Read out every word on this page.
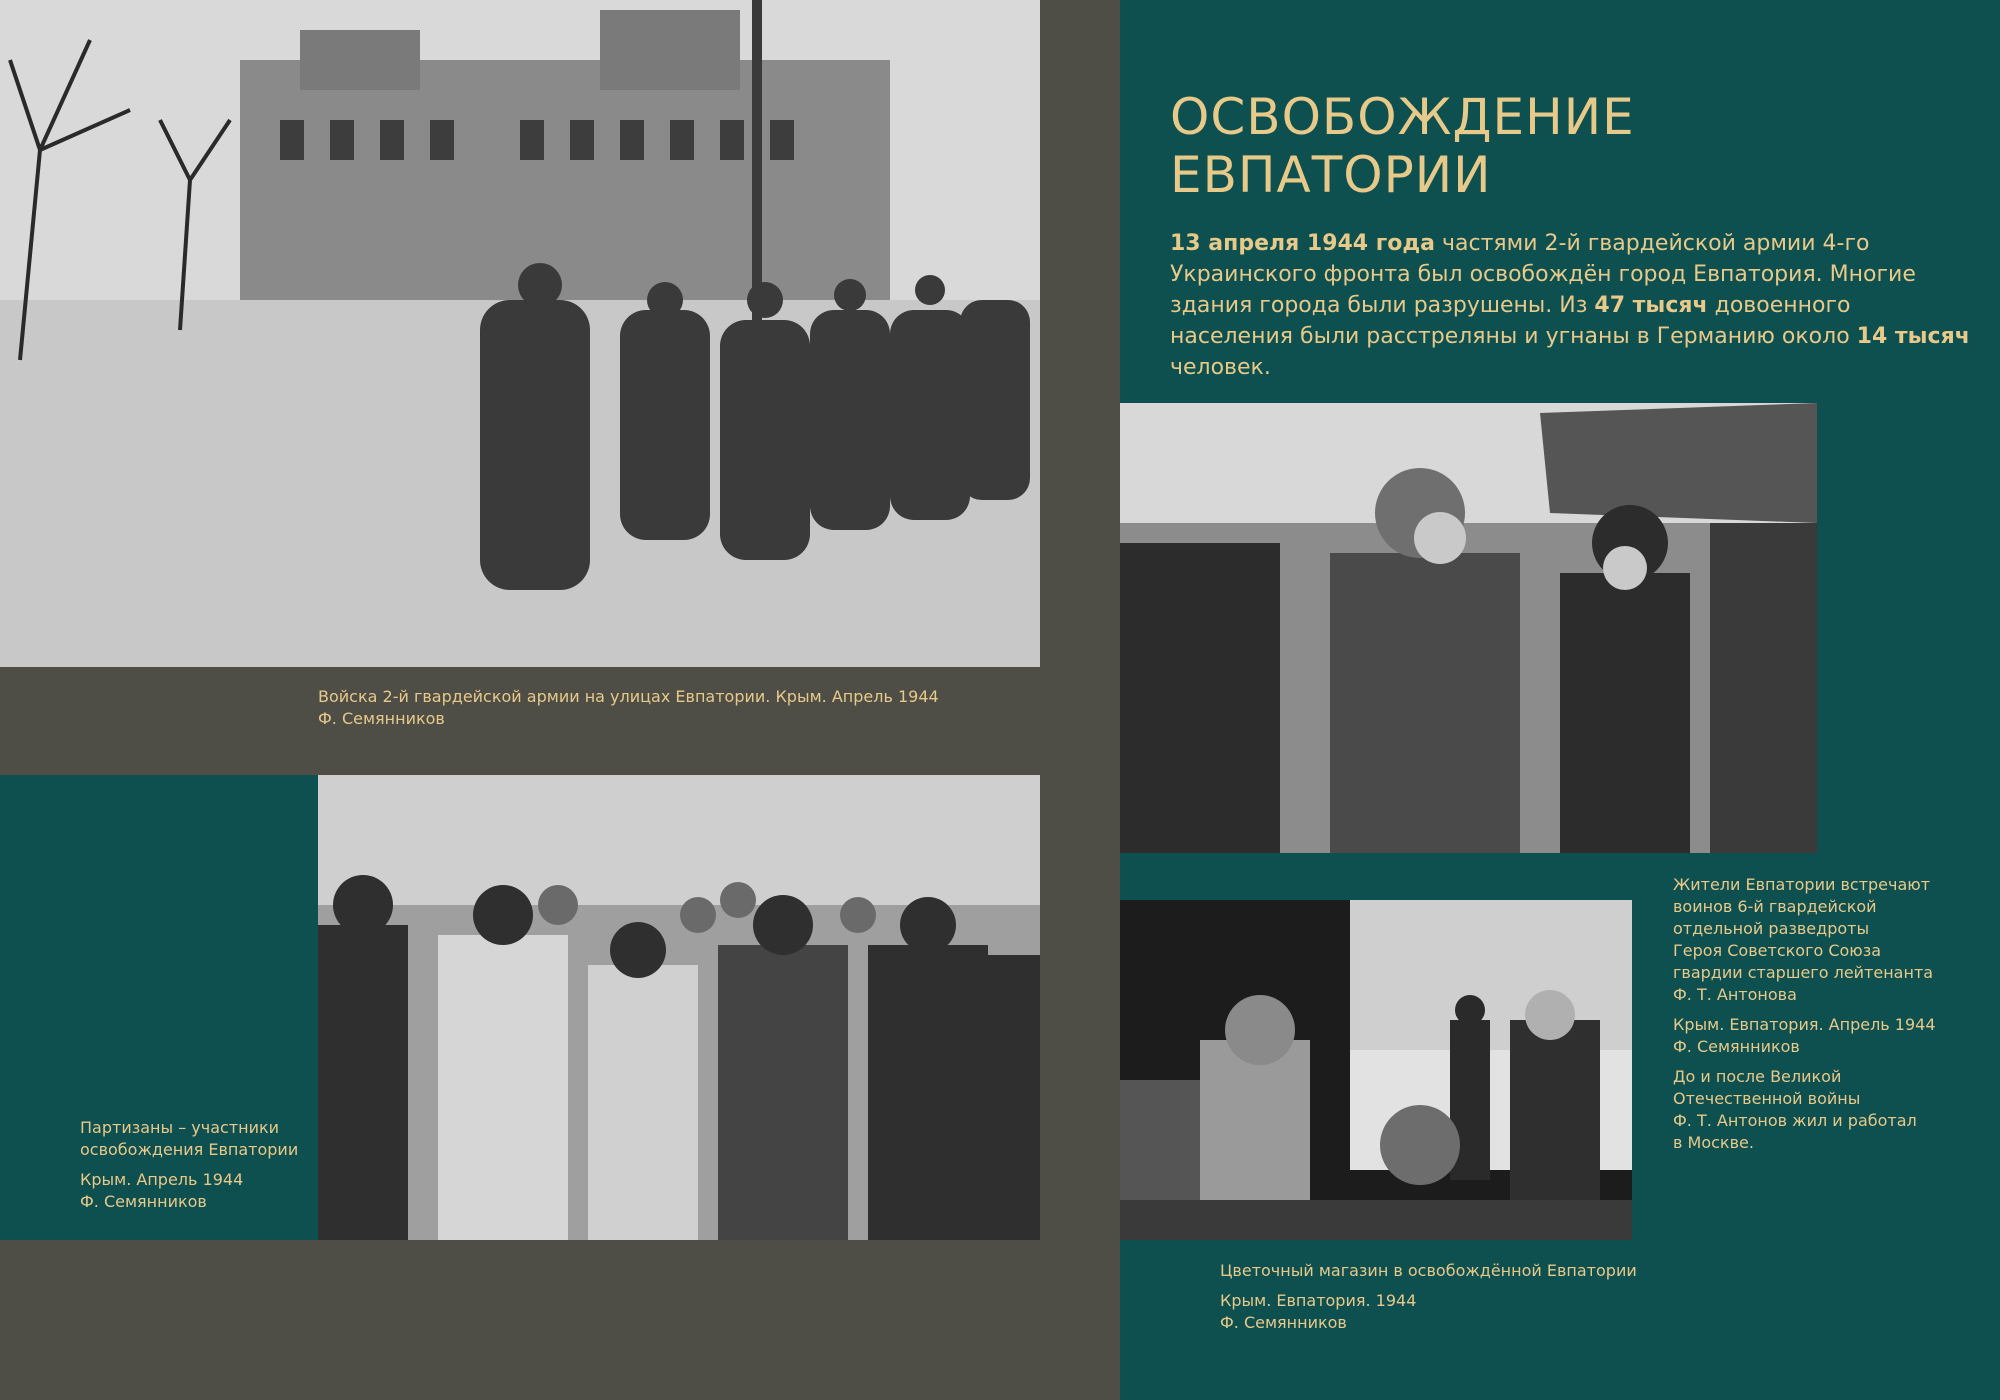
Войска 2-й гвардейской армии на улицах Евпатории. Крым. Апрель 1944

Ф. Семянников

Партизаны – участники

освобождения Евпатории

Крым. Апрель 1944

Ф. Семянников

ОСВОБОЖДЕНИЕ
ЕВПАТОРИИ

13 апреля 1944 года частями 2-й гвардейской армии 4-го Украинского фронта был освобождён город Евпатория. Многие здания города были разрушены. Из 47 тысяч довоенного населения были расстреляны и угнаны в Германию около 14 тысяч человек.

Жители Евпатории встречают

воинов 6-й гвардейской

отдельной разведроты

Героя Советского Союза

гвардии старшего лейтенанта

Ф. Т. Антонова

Крым. Евпатория. Апрель 1944

Ф. Семянников

До и после Великой

Отечественной войны

Ф. Т. Антонов жил и работал

в Москве.

Цветочный магазин в освобождённой Евпатории

Крым. Евпатория. 1944

Ф. Семянников
